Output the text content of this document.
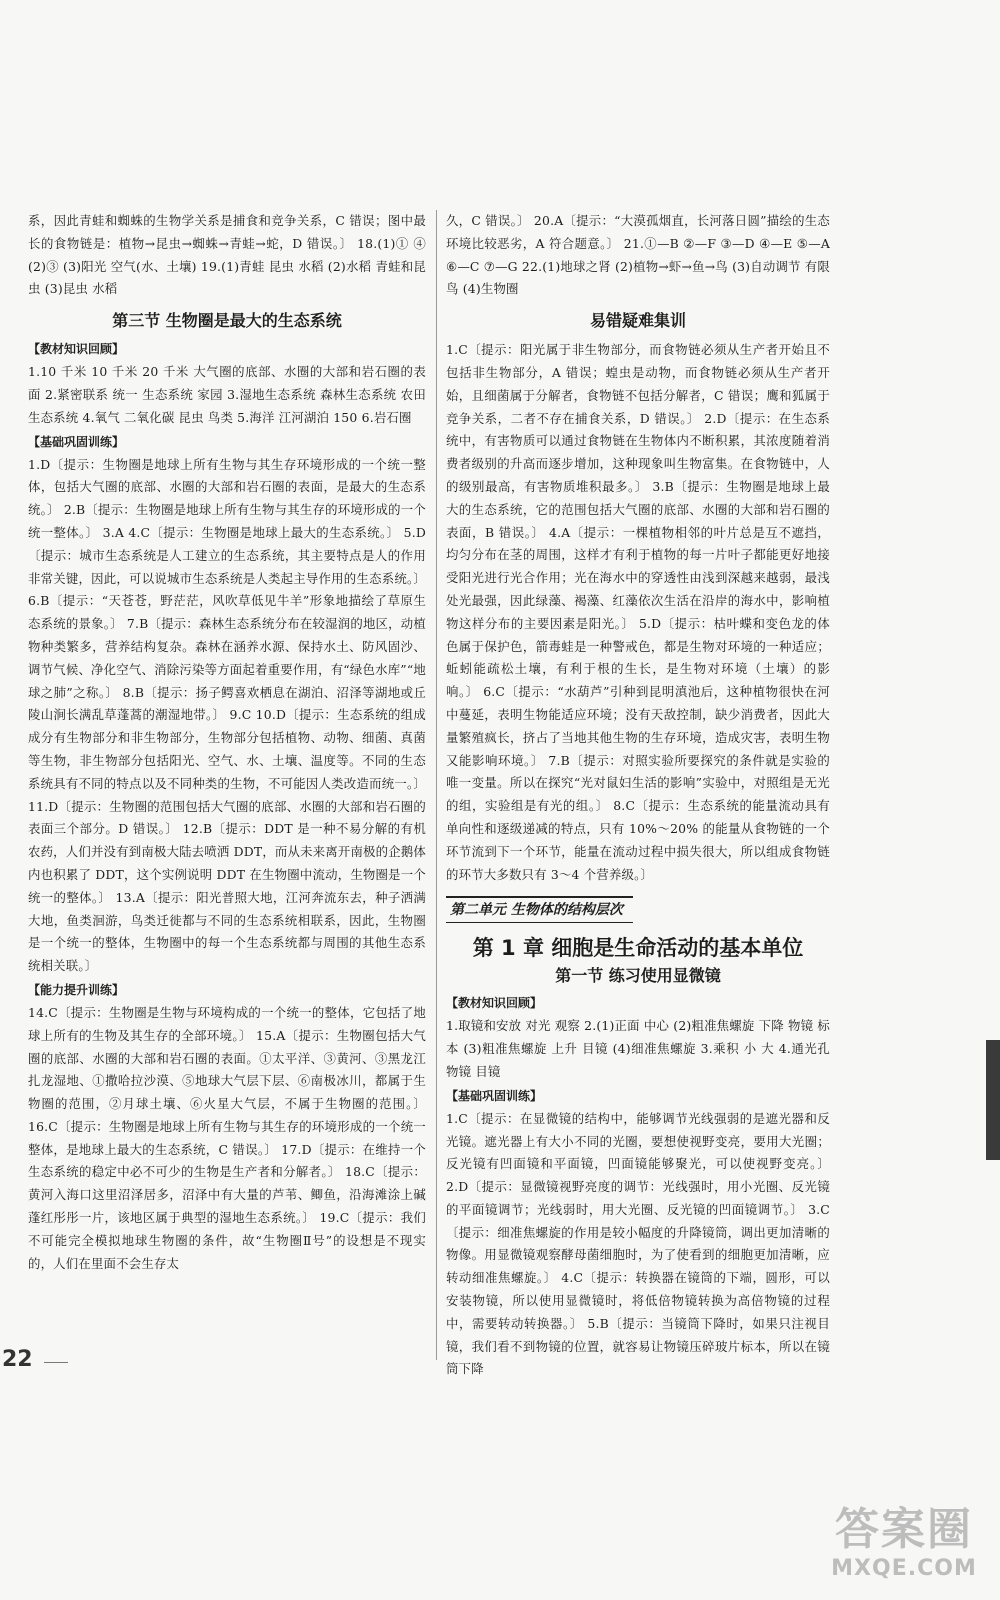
系，因此青蛙和蜘蛛的生物学关系是捕食和竞争关系，C 错误；图中最长的食物链是：植物→昆虫→蜘蛛→青蛙→蛇，D 错误。〕 18.(1)① ④ (2)③ (3)阳光 空气(水、土壤) 19.(1)青蛙 昆虫 水稻 (2)水稻 青蛙和昆虫 (3)昆虫 水稻

第三节 生物圈是最大的生态系统
【教材知识回顾】

1.10 千米 10 千米 20 千米 大气圈的底部、水圈的大部和岩石圈的表面 2.紧密联系 统一 生态系统 家园 3.湿地生态系统 森林生态系统 农田生态系统 4.氧气 二氧化碳 昆虫 鸟类 5.海洋 江河湖泊 150 6.岩石圈

【基础巩固训练】

1.D〔提示：生物圈是地球上所有生物与其生存环境形成的一个统一整体，包括大气圈的底部、水圈的大部和岩石圈的表面，是最大的生态系统。〕 2.B〔提示：生物圈是地球上所有生物与其生存的环境形成的一个统一整体。〕 3.A 4.C〔提示：生物圈是地球上最大的生态系统。〕 5.D〔提示：城市生态系统是人工建立的生态系统，其主要特点是人的作用非常关键，因此，可以说城市生态系统是人类起主导作用的生态系统。〕 6.B〔提示：“天苍苍，野茫茫，风吹草低见牛羊”形象地描绘了草原生态系统的景象。〕 7.B〔提示：森林生态系统分布在较湿润的地区，动植物种类繁多，营养结构复杂。森林在涵养水源、保持水土、防风固沙、调节气候、净化空气、消除污染等方面起着重要作用，有“绿色水库”“地球之肺”之称。〕 8.B〔提示：扬子鳄喜欢栖息在湖泊、沼泽等湖地或丘陵山涧长满乱草蓬蒿的潮湿地带。〕 9.C 10.D〔提示：生态系统的组成成分有生物部分和非生物部分，生物部分包括植物、动物、细菌、真菌等生物，非生物部分包括阳光、空气、水、土壤、温度等。不同的生态系统具有不同的特点以及不同种类的生物，不可能因人类改造而统一。〕 11.D〔提示：生物圈的范围包括大气圈的底部、水圈的大部和岩石圈的表面三个部分。D 错误。〕 12.B〔提示：DDT 是一种不易分解的有机农药，人们并没有到南极大陆去喷洒 DDT，而从未来离开南极的企鹅体内也积累了 DDT，这个实例说明 DDT 在生物圈中流动，生物圈是一个统一的整体。〕 13.A〔提示：阳光普照大地，江河奔流东去，种子洒满大地，鱼类洄游，鸟类迁徙都与不同的生态系统相联系，因此，生物圈是一个统一的整体，生物圈中的每一个生态系统都与周围的其他生态系统相关联。〕

【能力提升训练】

14.C〔提示：生物圈是生物与环境构成的一个统一的整体，它包括了地球上所有的生物及其生存的全部环境。〕 15.A〔提示：生物圈包括大气圈的底部、水圈的大部和岩石圈的表面。①太平洋、③黄河、③黑龙江扎龙湿地、①撒哈拉沙漠、⑤地球大气层下层、⑥南极冰川，都属于生物圈的范围，②月球土壤、⑥火星大气层，不属于生物圈的范围。〕 16.C〔提示：生物圈是地球上所有生物与其生存的环境形成的一个统一整体，是地球上最大的生态系统，C 错误。〕 17.D〔提示：在维持一个生态系统的稳定中必不可少的生物是生产者和分解者。〕 18.C〔提示：黄河入海口这里沼泽居多，沼泽中有大量的芦苇、鲫鱼，沿海滩涂上碱蓬红彤彤一片，该地区属于典型的湿地生态系统。〕 19.C〔提示：我们不可能完全模拟地球生物圈的条件，故“生物圈Ⅱ号”的设想是不现实的，人们在里面不会生存太

久，C 错误。〕 20.A〔提示：“大漠孤烟直，长河落日圆”描绘的生态环境比较恶劣，A 符合题意。〕 21.①—B ②—F ③—D ④—E ⑤—A ⑥—C ⑦—G 22.(1)地球之肾 (2)植物→虾→鱼→鸟 (3)自动调节 有限 鸟 (4)生物圈

易错疑难集训

1.C〔提示：阳光属于非生物部分，而食物链必须从生产者开始且不包括非生物部分，A 错误；蝗虫是动物，而食物链必须从生产者开始，且细菌属于分解者，食物链不包括分解者，C 错误；鹰和狐属于竞争关系，二者不存在捕食关系，D 错误。〕 2.D〔提示：在生态系统中，有害物质可以通过食物链在生物体内不断积累，其浓度随着消费者级别的升高而逐步增加，这种现象叫生物富集。在食物链中，人的级别最高，有害物质堆积最多。〕 3.B〔提示：生物圈是地球上最大的生态系统，它的范围包括大气圈的底部、水圈的大部和岩石圈的表面，B 错误。〕 4.A〔提示：一棵植物相邻的叶片总是互不遮挡，均匀分布在茎的周围，这样才有利于植物的每一片叶子都能更好地接受阳光进行光合作用；光在海水中的穿透性由浅到深越来越弱，最浅处光最强，因此绿藻、褐藻、红藻依次生活在沿岸的海水中，影响植物这样分布的主要因素是阳光。〕 5.D〔提示：枯叶蝶和变色龙的体色属于保护色，箭毒蛙是一种警戒色，都是生物对环境的一种适应；蚯蚓能疏松土壤，有利于根的生长，是生物对环境（土壤）的影响。〕 6.C〔提示：“水葫芦”引种到昆明滇池后，这种植物很快在河中蔓延，表明生物能适应环境；没有天敌控制，缺少消费者，因此大量繁殖疯长，挤占了当地其他生物的生存环境，造成灾害，表明生物又能影响环境。〕 7.B〔提示：对照实验所要探究的条件就是实验的唯一变量。所以在探究“光对鼠妇生活的影响”实验中，对照组是无光的组，实验组是有光的组。〕 8.C〔提示：生态系统的能量流动具有单向性和逐级递减的特点，只有 10%～20% 的能量从食物链的一个环节流到下一个环节，能量在流动过程中损失很大，所以组成食物链的环节大多数只有 3～4 个营养级。〕

第二单元 生物体的结构层次
第 1 章 细胞是生命活动的基本单位
第一节 练习使用显微镜
【教材知识回顾】

1.取镜和安放 对光 观察 2.(1)正面 中心 (2)粗准焦螺旋 下降 物镜 标本 (3)粗准焦螺旋 上升 目镜 (4)细准焦螺旋 3.乘积 小 大 4.通光孔 物镜 目镜

【基础巩固训练】

1.C〔提示：在显微镜的结构中，能够调节光线强弱的是遮光器和反光镜。遮光器上有大小不同的光圈，要想使视野变亮，要用大光圈；反光镜有凹面镜和平面镜，凹面镜能够聚光，可以使视野变亮。〕 2.D〔提示：显微镜视野亮度的调节：光线强时，用小光圈、反光镜的平面镜调节；光线弱时，用大光圈、反光镜的凹面镜调节。〕 3.C〔提示：细准焦螺旋的作用是较小幅度的升降镜筒，调出更加清晰的物像。用显微镜观察酵母菌细胞时，为了使看到的细胞更加清晰，应转动细准焦螺旋。〕 4.C〔提示：转换器在镜筒的下端，圆形，可以安装物镜，所以使用显微镜时，将低倍物镜转换为高倍物镜的过程中，需要转动转换器。〕 5.B〔提示：当镜筒下降时，如果只注视目镜，我们看不到物镜的位置，就容易让物镜压碎玻片标本，所以在镜筒下降

22
答案圈
MXQE.COM
